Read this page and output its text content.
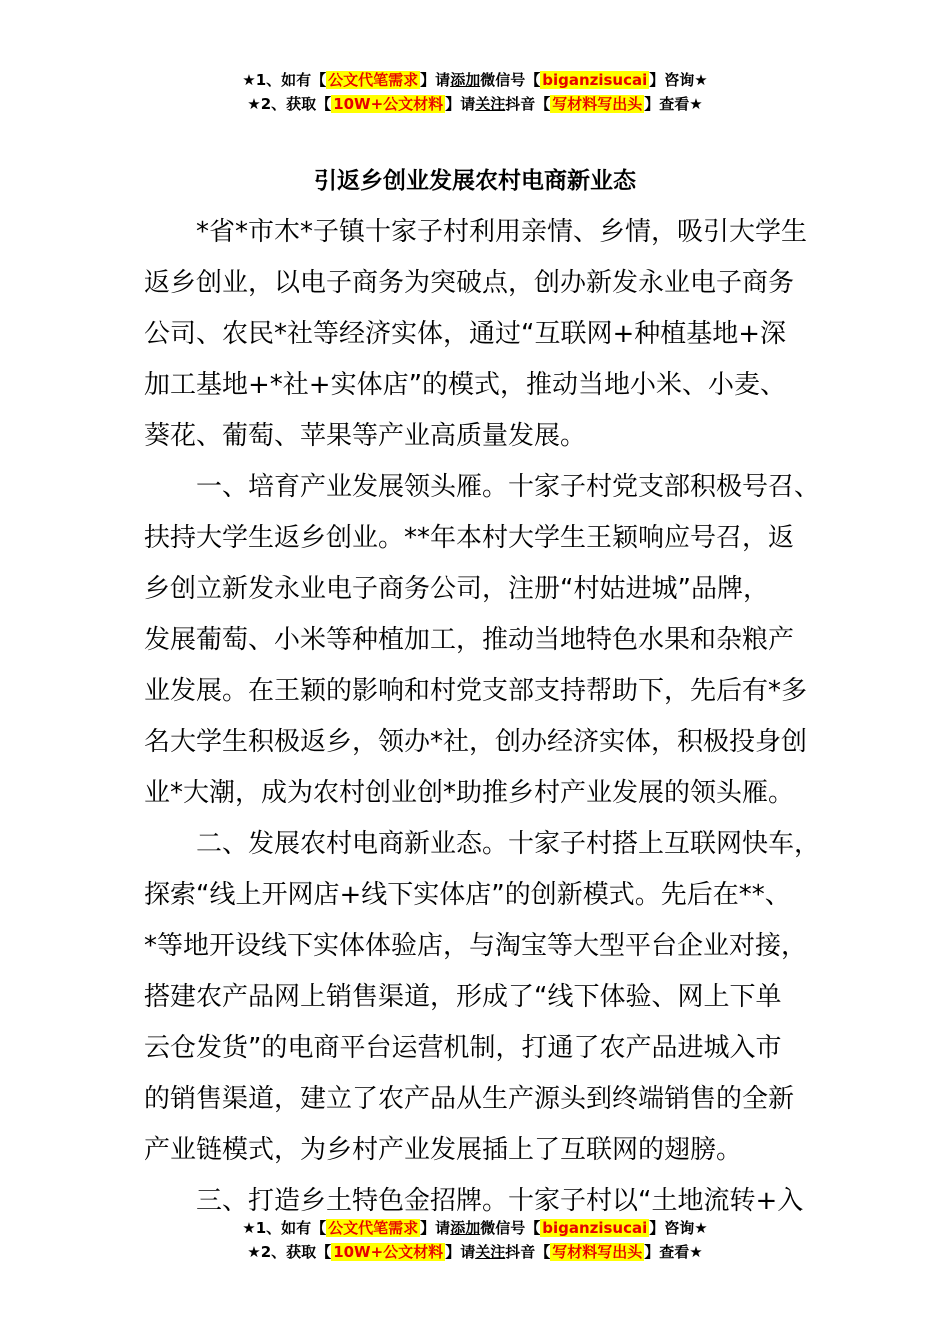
★1、如有【 公文代笔需求 】请添加微信号【 biganzisucai 】咨询★
★2、获取【 10W+公文材料 】请关注抖音【 写材料写出头 】查看★
引返乡创业发展农村电商新业态

　　*省*市木*子镇十家子村利用亲情、乡情，吸引大学生
返乡创业，以电子商务为突破点，创办新发永业电子商务
公司、农民*社等经济实体，通过“互联网+种植基地+深
加工基地+*社+实体店”的模式，推动当地小米、小麦、
葵花、葡萄、苹果等产业高质量发展。

　　一、培育产业发展领头雁。十家子村党支部积极号召、
扶持大学生返乡创业。**年本村大学生王颖响应号召，返
乡创立新发永业电子商务公司，注册“村姑进城”品牌，
发展葡萄、小米等种植加工，推动当地特色水果和杂粮产
业发展。在王颖的影响和村党支部支持帮助下，先后有*多
名大学生积极返乡，领办*社，创办经济实体，积极投身创
业*大潮，成为农村创业创*助推乡村产业发展的领头雁。

　　二、发展农村电商新业态。十家子村搭上互联网快车，
探索“线上开网店+线下实体店”的创新模式。先后在**、
*等地开设线下实体体验店，与淘宝等大型平台企业对接，
搭建农产品网上销售渠道，形成了“线下体验、网上下单
云仓发货”的电商平台运营机制，打通了农产品进城入市
的销售渠道，建立了农产品从生产源头到终端销售的全新
产业链模式，为乡村产业发展插上了互联网的翅膀。

　　三、打造乡土特色金招牌。十家子村以“土地流转+入

★1、如有【 公文代笔需求 】请添加微信号【 biganzisucai 】咨询★
★2、获取【 10W+公文材料 】请关注抖音【 写材料写出头 】查看★
